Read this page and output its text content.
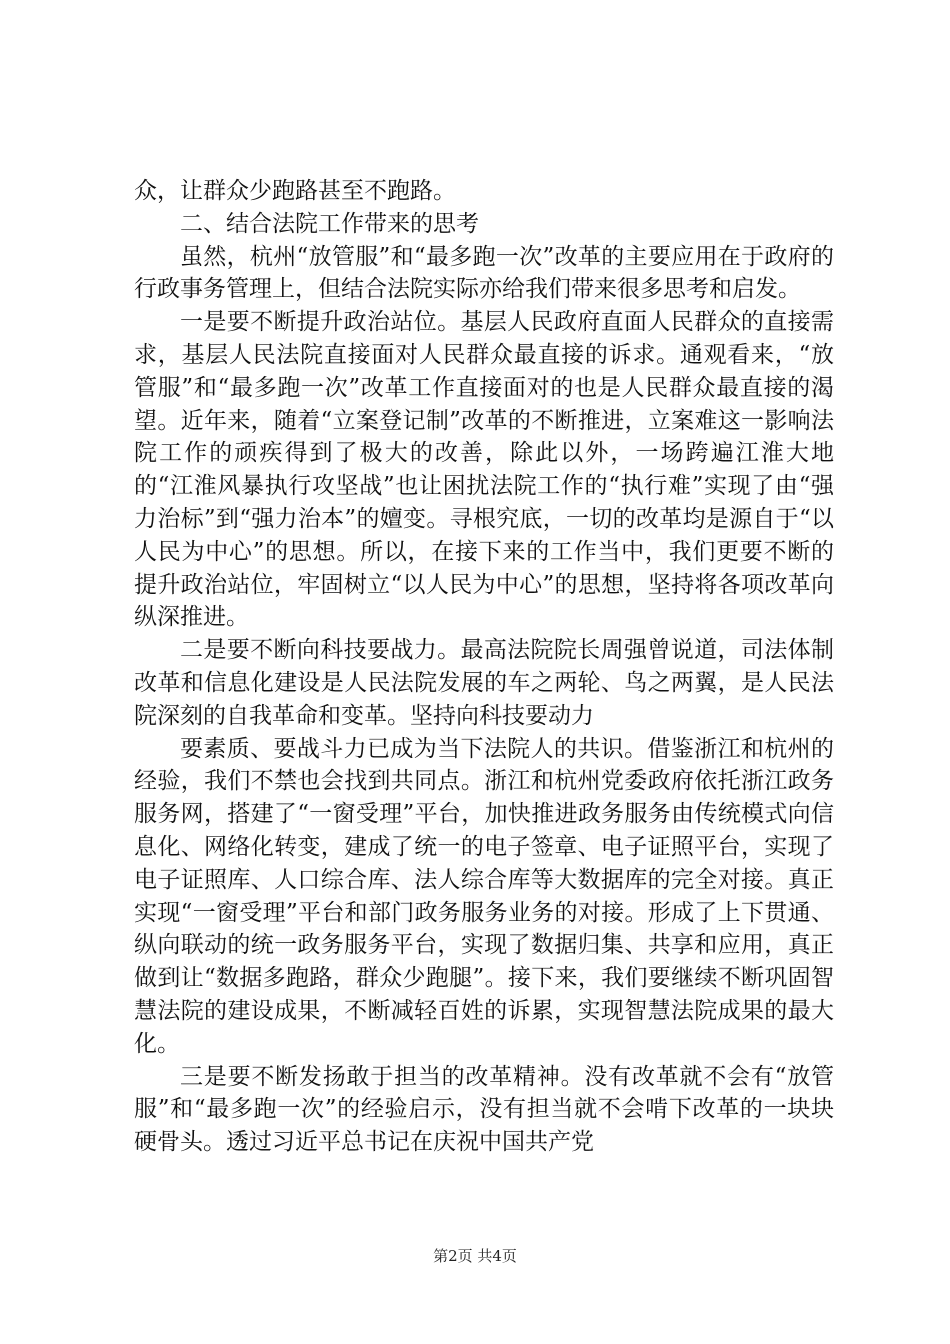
众，让群众少跑路甚至不跑路。

二、结合法院工作带来的思考

虽然，杭州“放管服”和“最多跑一次”改革的主要应用在于政府的行政事务管理上，但结合法院实际亦给我们带来很多思考和启发。

一是要不断提升政治站位。基层人民政府直面人民群众的直接需求，基层人民法院直接面对人民群众最直接的诉求。通观看来，“放管服”和“最多跑一次”改革工作直接面对的也是人民群众最直接的渴望。近年来，随着“立案登记制”改革的不断推进，立案难这一影响法院工作的顽疾得到了极大的改善，除此以外，一场跨遍江淮大地的“江淮风暴执行攻坚战”也让困扰法院工作的“执行难”实现了由“强力治标”到“强力治本”的嬗变。寻根究底，一切的改革均是源自于“以人民为中心”的思想。所以，在接下来的工作当中，我们更要不断的提升政治站位，牢固树立“以人民为中心”的思想，坚持将各项改革向纵深推进。

二是要不断向科技要战力。最高法院院长周强曾说道，司法体制改革和信息化建设是人民法院发展的车之两轮、鸟之两翼，是人民法院深刻的自我革命和变革。坚持向科技要动力

要素质、要战斗力已成为当下法院人的共识。借鉴浙江和杭州的经验，我们不禁也会找到共同点。浙江和杭州党委政府依托浙江政务服务网，搭建了“一窗受理”平台，加快推进政务服务由传统模式向信息化、网络化转变，建成了统一的电子签章、电子证照平台，实现了电子证照库、人口综合库、法人综合库等大数据库的完全对接。真正实现“一窗受理”平台和部门政务服务业务的对接。形成了上下贯通、纵向联动的统一政务服务平台，实现了数据归集、共享和应用，真正做到让“数据多跑路，群众少跑腿”。接下来，我们要继续不断巩固智慧法院的建设成果，不断减轻百姓的诉累，实现智慧法院成果的最大化。

三是要不断发扬敢于担当的改革精神。没有改革就不会有“放管服”和“最多跑一次”的经验启示，没有担当就不会啃下改革的一块块硬骨头。透过习近平总书记在庆祝中国共产党

第2页 共4页
